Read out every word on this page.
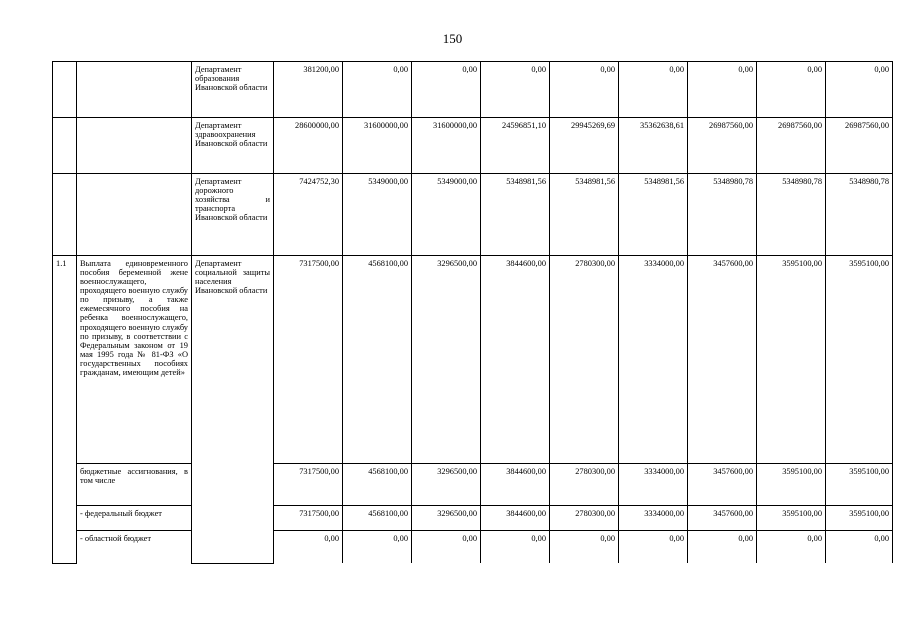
150
		Департамент образования Ивановской области	381200,00	0,00	0,00	0,00	0,00	0,00	0,00	0,00	0,00
		Департамент здравоохранения Ивановской области	28600000,00	31600000,00	31600000,00	24596851,10	29945269,69	35362638,61	26987560,00	26987560,00	26987560,00
		Департамент дорожного хозяйства и транспорта Ивановской области	7424752,30	5349000,00	5349000,00	5348981,56	5348981,56	5348981,56	5348980,78	5348980,78	5348980,78
1.1	Выплата единовременного пособия беременной жене военнослужащего, проходящего военную службу по призыву, а также ежемесячного пособия на ребенка военнослужащего, проходящего военную службу по призыву, в соответствии с Федеральным законом от 19 мая 1995 года № 81-ФЗ «О государственных пособиях гражданам, имеющим детей»	Департамент социальной защиты населения Ивановской области	7317500,00	4568100,00	3296500,00	3844600,00	2780300,00	3334000,00	3457600,00	3595100,00	3595100,00
	бюджетные ассигнования, в том числе		7317500,00	4568100,00	3296500,00	3844600,00	2780300,00	3334000,00	3457600,00	3595100,00	3595100,00
	- федеральный бюджет		7317500,00	4568100,00	3296500,00	3844600,00	2780300,00	3334000,00	3457600,00	3595100,00	3595100,00
	- областной бюджет		0,00	0,00	0,00	0,00	0,00	0,00	0,00	0,00	0,00
